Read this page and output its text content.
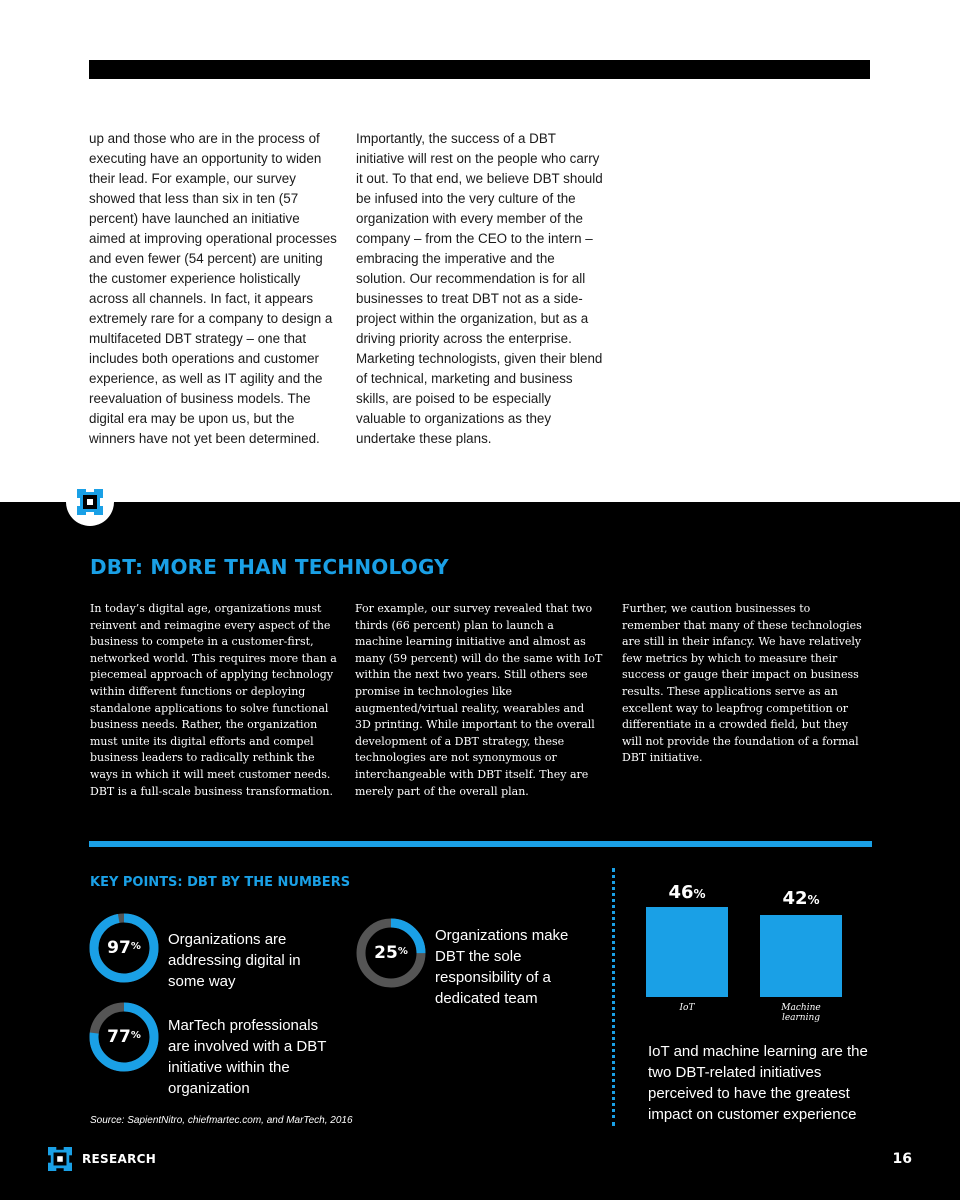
up and those who are in the process of executing have an opportunity to widen their lead. For example, our survey showed that less than six in ten (57 percent) have launched an initiative aimed at improving operational processes and even fewer (54 percent) are uniting the customer experience holistically across all channels. In fact, it appears extremely rare for a company to design a multifaceted DBT strategy – one that includes both operations and customer experience, as well as IT agility and the reevaluation of business models. The digital era may be upon us, but the winners have not yet been determined.

Importantly, the success of a DBT initiative will rest on the people who carry it out. To that end, we believe DBT should be infused into the very culture of the organization with every member of the company – from the CEO to the intern – embracing the imperative and the solution. Our recommendation is for all businesses to treat DBT not as a side-project within the organization, but as a driving priority across the enterprise. Marketing technologists, given their blend of technical, marketing and business skills, are poised to be especially valuable to organizations as they undertake these plans.

DBT: MORE THAN TECHNOLOGY

In today’s digital age, organizations must reinvent and reimagine every aspect of the business to compete in a customer-first, networked world. This requires more than a piecemeal approach of applying technology within different functions or deploying standalone applications to solve functional business needs. Rather, the organization must unite its digital efforts and compel business leaders to radically rethink the ways in which it will meet customer needs. DBT is a full-scale business transformation.

For example, our survey revealed that two thirds (66 percent) plan to launch a machine learning initiative and almost as many (59 percent) will do the same with IoT within the next two years. Still others see promise in technologies like augmented/virtual reality, wearables and 3D printing. While important to the overall development of a DBT strategy, these technologies are not synonymous or interchangeable with DBT itself. They are merely part of the overall plan.

Further, we caution businesses to remember that many of these technologies are still in their infancy. We have relatively few metrics by which to measure their success or gauge their impact on business results. These applications serve as an excellent way to leapfrog competition or differentiate in a crowded field, but they will not provide the foundation of a formal DBT initiative.

KEY POINTS: DBT BY THE NUMBERS
97 % Organizations are addressing digital in some way
77 %
MarTech professionals are involved with a DBT initiative within the organization
25 %
Organizations make DBT the sole responsibility of a dedicated team
Source: SapientNitro, chiefmartec.com, and MarTech, 2016
46%	42%
IoT	Machine learning
IoT and machine learning are the two DBT-related initiatives perceived to have the greatest impact on customer experience
RESEARCH	16
